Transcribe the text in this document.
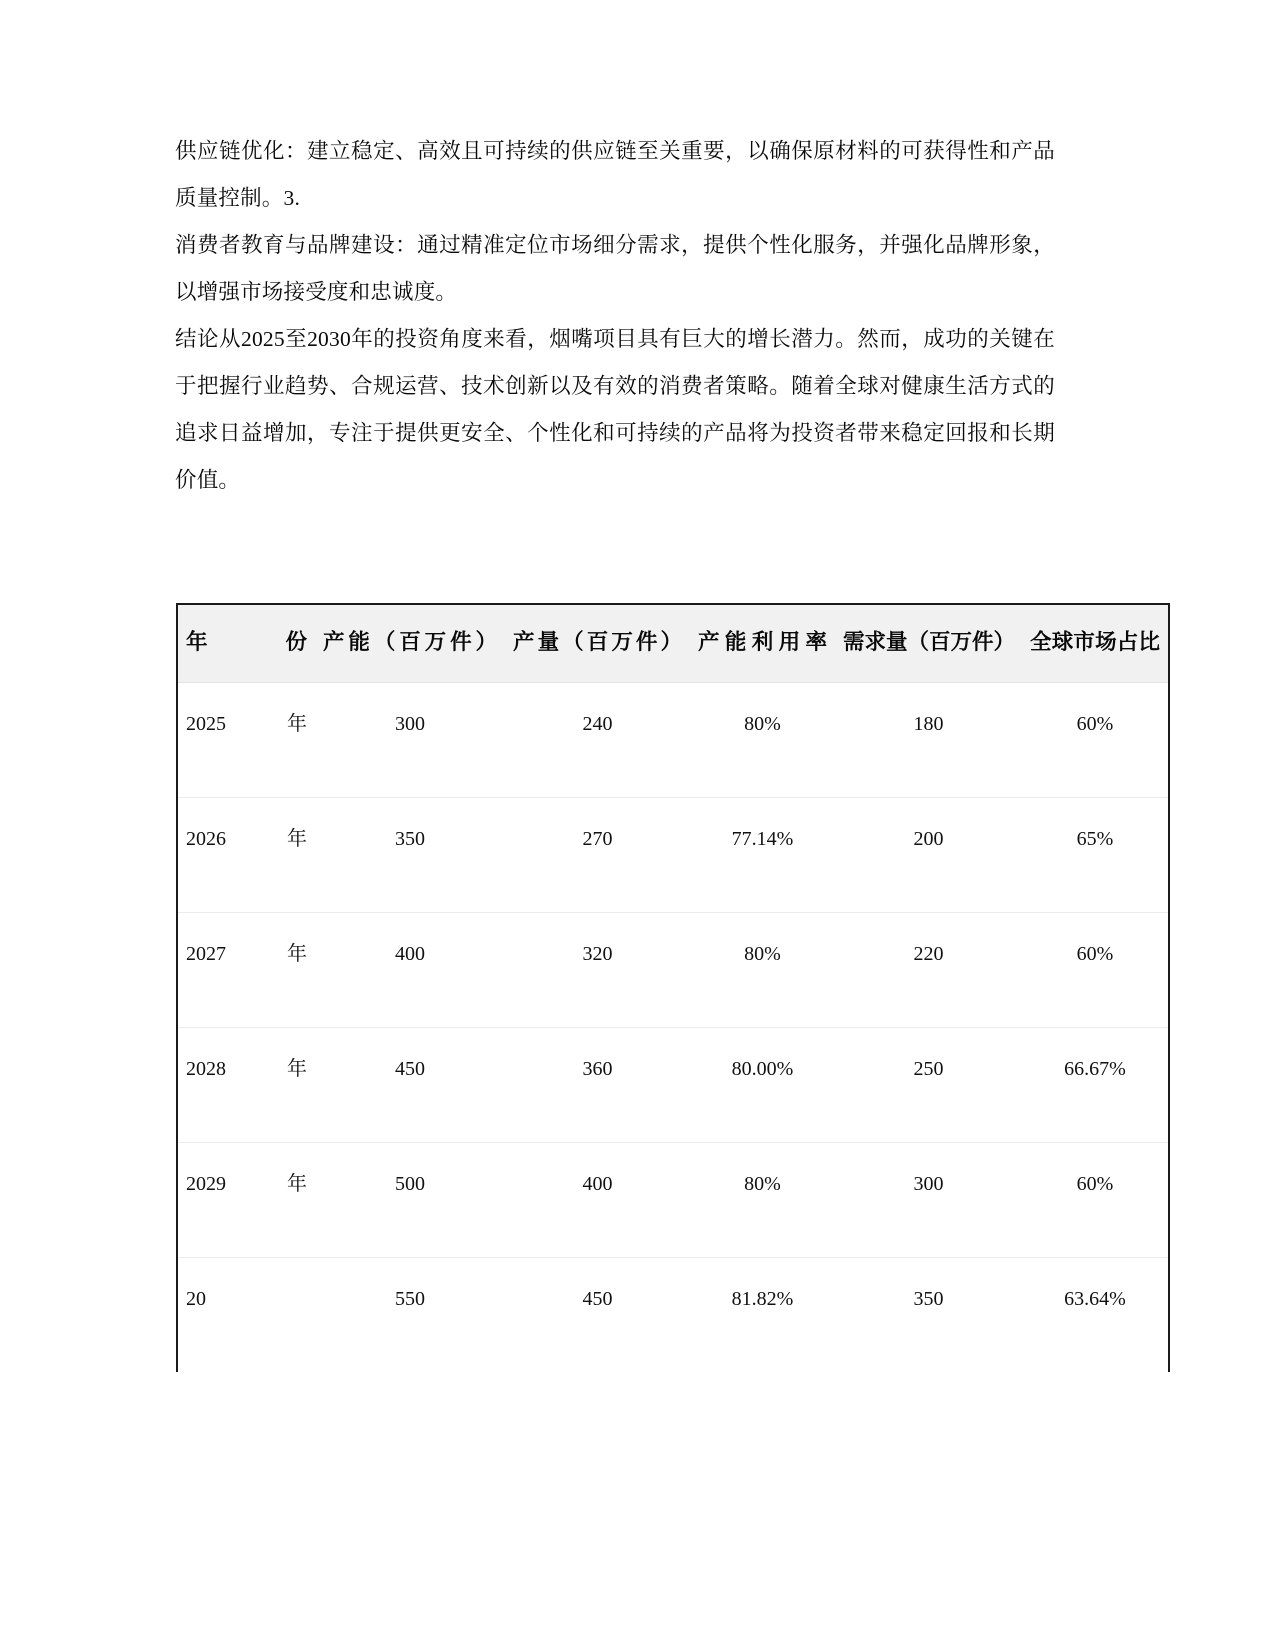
供应链优化：建立稳定、高效且可持续的供应链至关重要，以确保原材料的可获得性和产品质量控制。3.

消费者教育与品牌建设：通过精准定位市场细分需求，提供个性化服务，并强化品牌形象，以增强市场接受度和忠诚度。

结论从2025至2030年的投资角度来看，烟嘴项目具有巨大的增长潜力。然而，成功的关键在于把握行业趋势、合规运营、技术创新以及有效的消费者策略。随着全球对健康生活方式的追求日益增加，专注于提供更安全、个性化和可持续的产品将为投资者带来稳定回报和长期价值。

年份	产能（百万件）	产量（百万件）	产能利用率	需求量（百万件）	全球市场占比
2025年	300	240	80%	180	60%
2026年	350	270	77.14%	200	65%
2027年	400	320	80%	220	60%
2028年	450	360	80.00%	250	66.67%
2029年	500	400	80%	300	60%
20	550	450	81.82%	350	63.64%
